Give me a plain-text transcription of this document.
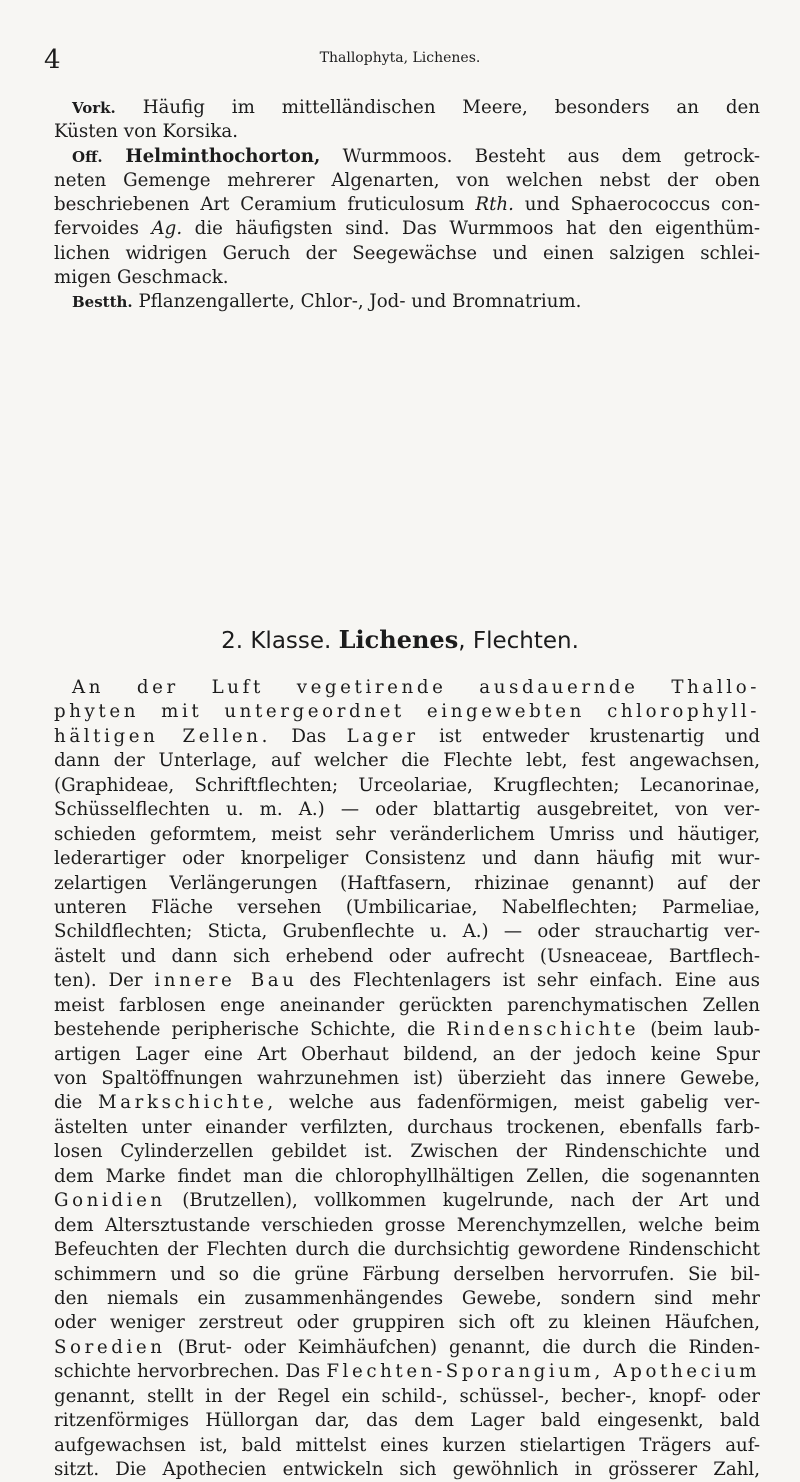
4	Thallophyta, Lichenes.
Vork. Häufig im mittelländischen Meere, besonders an den
Küsten von Korsika.
Off. Helminthochorton, Wurmmoos. Besteht aus dem getrock-
neten Gemenge mehrerer Algenarten, von welchen nebst der oben
beschriebenen Art Ceramium fruticulosum Rth. und Sphaerococcus con-
fervoides Ag. die häufigsten sind. Das Wurmmoos hat den eigenthüm-
lichen widrigen Geruch der Seegewächse und einen salzigen schlei-
migen Geschmack.
Bestth. Pflanzengallerte, Chlor-, Jod- und Bromnatrium.
2. Klasse. Lichenes, Flechten.
An der Luft vegetirende ausdauernde Thallo-
phyten mit untergeordnet eingewebten chlorophyll-
hältigen Zellen. Das Lager ist entweder krustenartig und
dann der Unterlage, auf welcher die Flechte lebt, fest angewachsen,
(Graphideae, Schriftflechten; Urceolariae, Krugflechten; Lecanorinae,
Schüsselflechten u. m. A.) — oder blattartig ausgebreitet, von ver-
schieden geformtem, meist sehr veränderlichem Umriss und häutiger,
lederartiger oder knorpeliger Consistenz und dann häufig mit wur-
zelartigen Verlängerungen (Haftfasern, rhizinae genannt) auf der
unteren Fläche versehen (Umbilicariae, Nabelflechten; Parmeliae,
Schildflechten; Sticta, Grubenflechte u. A.) — oder strauchartig ver-
ästelt und dann sich erhebend oder aufrecht (Usneaceae, Bartflech-
ten). Der innere Bau des Flechtenlagers ist sehr einfach. Eine aus
meist farblosen enge aneinander gerückten parenchymatischen Zellen
bestehende peripherische Schichte, die Rindenschichte (beim laub-
artigen Lager eine Art Oberhaut bildend, an der jedoch keine Spur
von Spaltöffnungen wahrzunehmen ist) überzieht das innere Gewebe,
die Markschichte, welche aus fadenförmigen, meist gabelig ver-
ästelten unter einander verfilzten, durchaus trockenen, ebenfalls farb-
losen Cylinderzellen gebildet ist. Zwischen der Rindenschichte und
dem Marke findet man die chlorophyllhältigen Zellen, die sogenannten
Gonidien (Brutzellen), vollkommen kugelrunde, nach der Art und
dem Altersztustande verschieden grosse Merenchymzellen, welche beim
Befeuchten der Flechten durch die durchsichtig gewordene Rindenschicht
schimmern und so die grüne Färbung derselben hervorrufen. Sie bil-
den niemals ein zusammenhängendes Gewebe, sondern sind mehr
oder weniger zerstreut oder gruppiren sich oft zu kleinen Häufchen,
Soredien (Brut- oder Keimhäufchen) genannt, die durch die Rinden-
schichte hervorbrechen. Das Flechten-Sporangium, Apothecium
genannt, stellt in der Regel ein schild-, schüssel-, becher-, knopf- oder
ritzenförmiges Hüllorgan dar, das dem Lager bald eingesenkt, bald
aufgewachsen ist, bald mittelst eines kurzen stielartigen Trägers auf-
sitzt. Die Apothecien entwickeln sich gewöhnlich in grösserer Zahl,
